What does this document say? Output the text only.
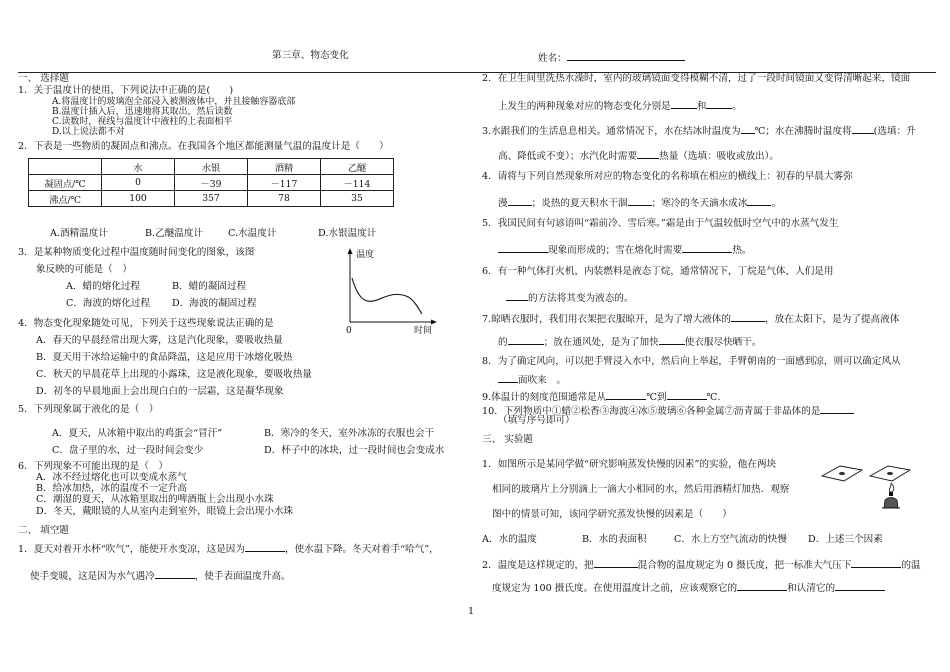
第三章、物态变化	姓名：
一、 选择题
1．关于温度计的使用，下列说法中正确的是(　　)
A.将温度计的玻璃泡全部浸入被测液体中，并且接触容器底部
B.温度计插入后，迅速地将其取出，然后读数
C.读数时，视线与温度计中液柱的上表面相平
D.以上说法都不对
2．下表是一些物质的凝固点和沸点。在我国各个地区都能测量气温的温度计是（　　）
	水	水银	酒精	乙醚
凝固点/℃	0	－39	－117	－114
沸点/℃	100	357	78	35
A.酒精温度计	B.乙醚温度计	C.水温度计	D.水银温度计
3．是某种物质变化过程中温度随时间变化的图象，该图
象反映的可能是（　）
A．蜡的熔化过程	B．蜡的凝固过程
C．海波的熔化过程 D．海波的凝固过程
温度
0	时间
4．物态变化现象随处可见，下列关于这些现象说法正确的是
A．春天的早晨经常出现大雾，这是汽化现象，要吸收热量
B．夏天用干冰给运输中的食品降温，这是应用干冰熔化吸热
C．秋天的早晨花草上出现的小露珠，这是液化现象，要吸收热量
D．初冬的早晨地面上会出现白白的一层霜，这是凝华现象
5．下列现象属于液化的是（　）
A．夏天，从冰箱中取出的鸡蛋会“冒汗”	B．寒冷的冬天，室外冰冻的衣服也会干
C．盘子里的水，过一段时间会变少	D．杯子中的冰块，过一段时间也会变成水
6．下列现象不可能出现的是（　）
A．冰不经过熔化也可以变成水蒸气
B．给冰加热，冰的温度不一定升高
C．潮湿的夏天，从冰箱里取出的啤酒瓶上会出现小水珠
D．冬天，戴眼镜的人从室内走到室外，眼镜上会出现小水珠
二、 填空题
1．夏天对着开水杯“吹气”，能使开水变凉，这是因为	，使水温下降。冬天对着手“哈气”，
使手变暖，这是因为水气遇冷	，使手表面温度升高。
2．在卫生间里洗热水澡时，室内的玻璃镜面变得模糊不清，过了一段时间镜面又变得清晰起来，镜面
上发生的两种现象对应的物态变化分别是	和	。
3.水跟我们的生活息息相关。通常情况下，水在结冰时温度为 ℃；水在沸腾时温度将 (选填：升
高、降低或不变）；水汽化时需要 热量（选填：吸收或放出）。
4．请将与下列自然现象所对应的物态变化的名称填在相应的横线上：初春的早晨大雾弥
漫	；炎热的夏天积水干涸	；寒冷的冬天滴水成冰	。
5．我国民间有句谚语叫“霜前冷、雪后寒。”霜是由于气温较低时空气中的水蒸气发生
现象而形成的；雪在熔化时需要	热。
6．有一种气体打火机，内装燃料是液态丁烷，通常情况下，丁烷是气体，人们是用
的方法将其变为液态的。
7.晾晒衣服时，我们用衣架把衣服晾开，是为了增大液体的	，放在太阳下，是为了提高液体
的	；放在通风处，是为了加快	使衣服尽快晒干。
8．为了确定风向，可以把手臂浸入水中，然后向上举起，手臂朝南的一面感到凉，则可以确定风从
面吹来　。
9.体温计的刻度范围通常是从	℃到	℃.
10．下列物质中①蜡②松香③海波④冰⑤玻璃⑥各种金属⑦沥青属于非晶体的是
（填写序号即可）
三、 实验题
1．如图所示是某同学做“研究影响蒸发快慢的因素”的实验，他在两块
相同的玻璃片上分别滴上一滴大小相同的水，然后用酒精灯加热．观察
图中的情景可知，该同学研究蒸发快慢的因素是（　　）
A．水的温度	B．水的表面积	C．水上方空气流动的快慢 D．上述三个因素
2．温度是这样规定的，把	混合物的温度规定为 0 摄氏度，把一标准大气压下	的温
度规定为 100 摄氏度。在使用温度计之前，应该观察它的	和认清它的
1
